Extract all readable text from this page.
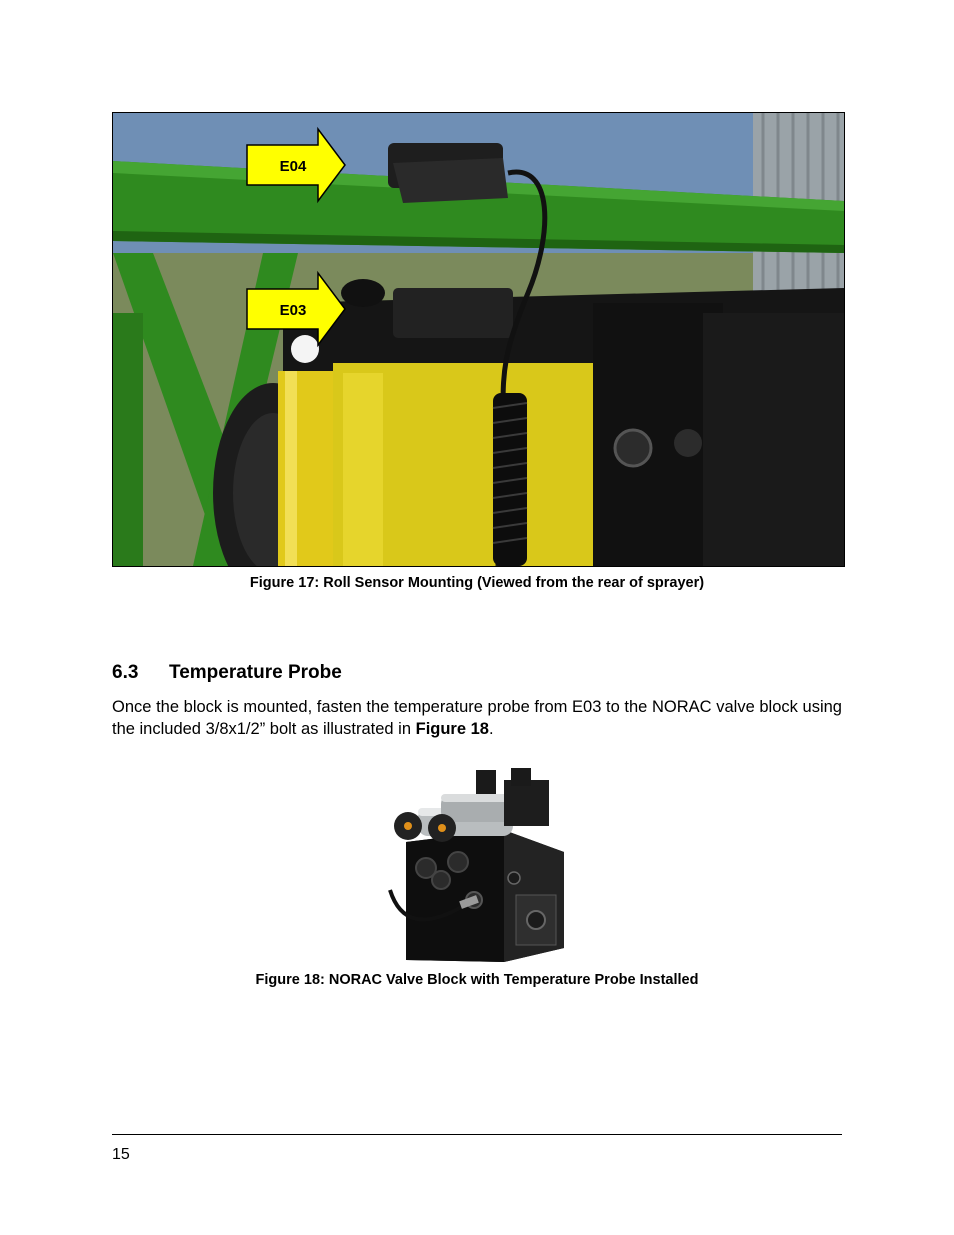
E04
E03
Figure 17: Roll Sensor Mounting (Viewed from the rear of sprayer)
6.3 Temperature Probe
Once the block is mounted, fasten the temperature probe from E03 to the NORAC valve block using the included 3/8x1/2” bolt as illustrated in Figure 18.
Figure 18: NORAC Valve Block with Temperature Probe Installed
15
